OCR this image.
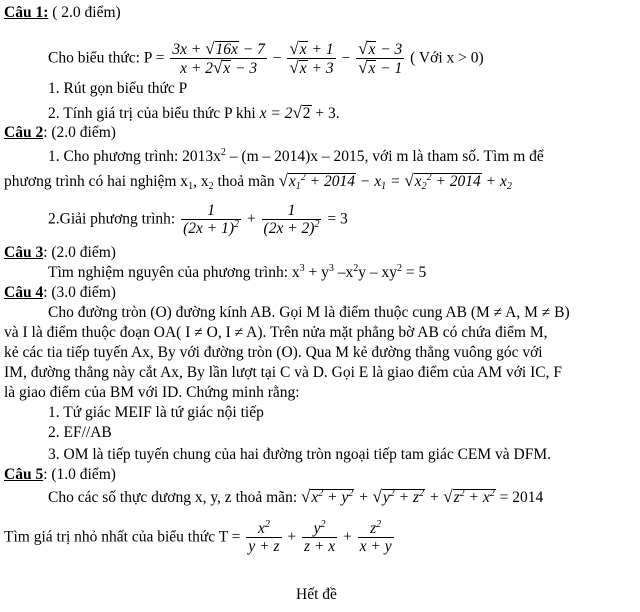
Câu 1: ( 2.0 điểm)
Cho biểu thức: $P = \frac{3x + √16x - 7}{x + 2√x - 3} - \frac{√x + 1}{√x + 3} - \frac{√x - 3}{√x - 1}$ ( Với x > 0)
1. Rút gọn biểu thức P
2. Tính giá trị của biểu thức P khi x = 2√2 + 3.
Câu 2: (2.0 điểm)
1. Cho phương trình: $2013x^2 - (m - 2014)x - 2015$, với m là tham số. Tìm m để
phương trình có hai nghiệm $x_1$, $x_2$ thoả mãn $√x_1^2 + 2014 - x_1 = √x_2^2 + 2014 + x_2$
2.Giải phương trình: $\frac{1}{(2x + 1)^2} + \frac{1}{(2x + 2)^2} = 3$
Câu 3: (2.0 điểm)
Tìm nghiệm nguyên của phương trình: $x^3 + y^3$ $-x^2y - xy^2 = 5$
Câu 4: (3.0 điểm)
Cho đường tròn (O) đường kính AB. Gọi M là điểm thuộc cung AB (M ≠ A, M ≠ B)
và I là điểm thuộc đoạn OA( I ≠ O, I ≠ A). Trên nửa mặt phẳng bờ AB có chứa điểm M,
kẻ các tia tiếp tuyến Ax, By với đường tròn (O). Qua M kẻ đường thẳng vuông góc với
IM, đường thẳng này cắt Ax, By lần lượt tại C và D. Gọi E là giao điểm của AM với IC, F
là giao điểm của BM với ID. Chứng minh rằng:
1. Tứ giác MEIF là tứ giác nội tiếp
2. EF//AB
3. OM là tiếp tuyến chung của hai đường tròn ngoại tiếp tam giác CEM và DFM.
Câu 5: (1.0 điểm)
Cho các số thực dương x, y, z thoả mãn: $√x^2 + y^2 + √y^2 + z^2 + √z^2 + x^2 = 2014$
Tìm giá trị nhỏ nhất của biểu thức $T = \frac{x^2}{y + z} + \frac{y^2}{z + x} + \frac{z^2}{x + y}$
Hết đề
